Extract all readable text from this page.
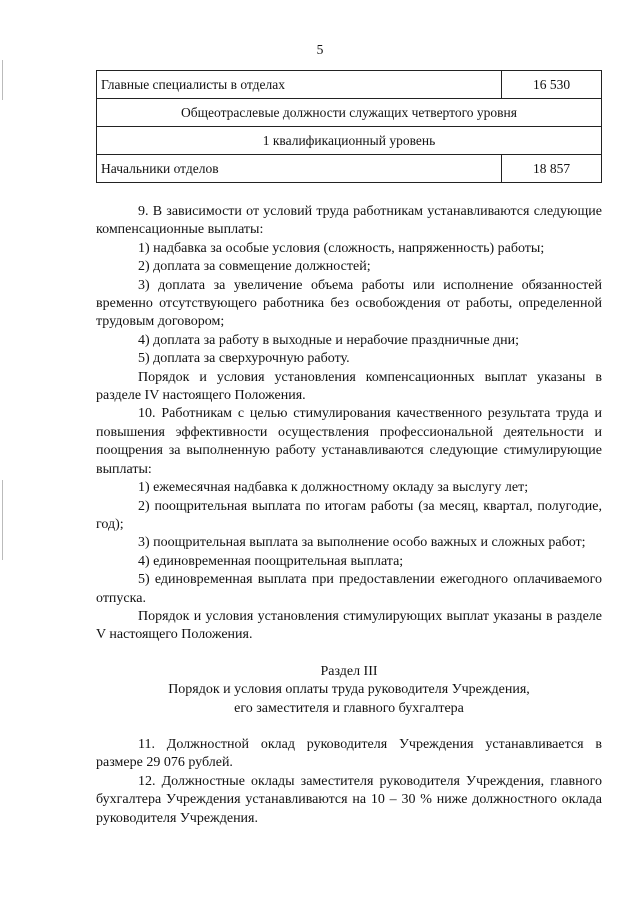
5
Главные специалисты в отделах	16 530
Общеотраслевые должности служащих четвертого уровня	
1 квалификационный уровень	
Начальники отделов	18 857

9. В зависимости от условий труда работникам устанавливаются следующие компенсационные выплаты:

1) надбавка за особые условия (сложность, напряженность) работы;

2) доплата за совмещение должностей;

3) доплата за увеличение объема работы или исполнение обязанностей временно отсутствующего работника без освобождения от работы, определенной трудовым договором;

4) доплата за работу в выходные и нерабочие праздничные дни;

5) доплата за сверхурочную работу.

Порядок и условия установления компенсационных выплат указаны в разделе IV настоящего Положения.

10. Работникам с целью стимулирования качественного результата труда и повышения эффективности осуществления профессиональной деятельности и поощрения за выполненную работу устанавливаются следующие стимулирующие выплаты:

1) ежемесячная надбавка к должностному окладу за выслугу лет;

2) поощрительная выплата по итогам работы (за месяц, квартал, полугодие, год);

3) поощрительная выплата за выполнение особо важных и сложных работ;

4) единовременная поощрительная выплата;

5) единовременная выплата при предоставлении ежегодного оплачиваемого отпуска.

Порядок и условия установления стимулирующих выплат указаны в разделе V настоящего Положения.

Раздел III

Порядок и условия оплаты труда руководителя Учреждения,

его заместителя и главного бухгалтера

11. Должностной оклад руководителя Учреждения устанавливается в размере 29 076 рублей.

12. Должностные оклады заместителя руководителя Учреждения, главного бухгалтера Учреждения устанавливаются на 10 – 30 % ниже должностного оклада руководителя Учреждения.
